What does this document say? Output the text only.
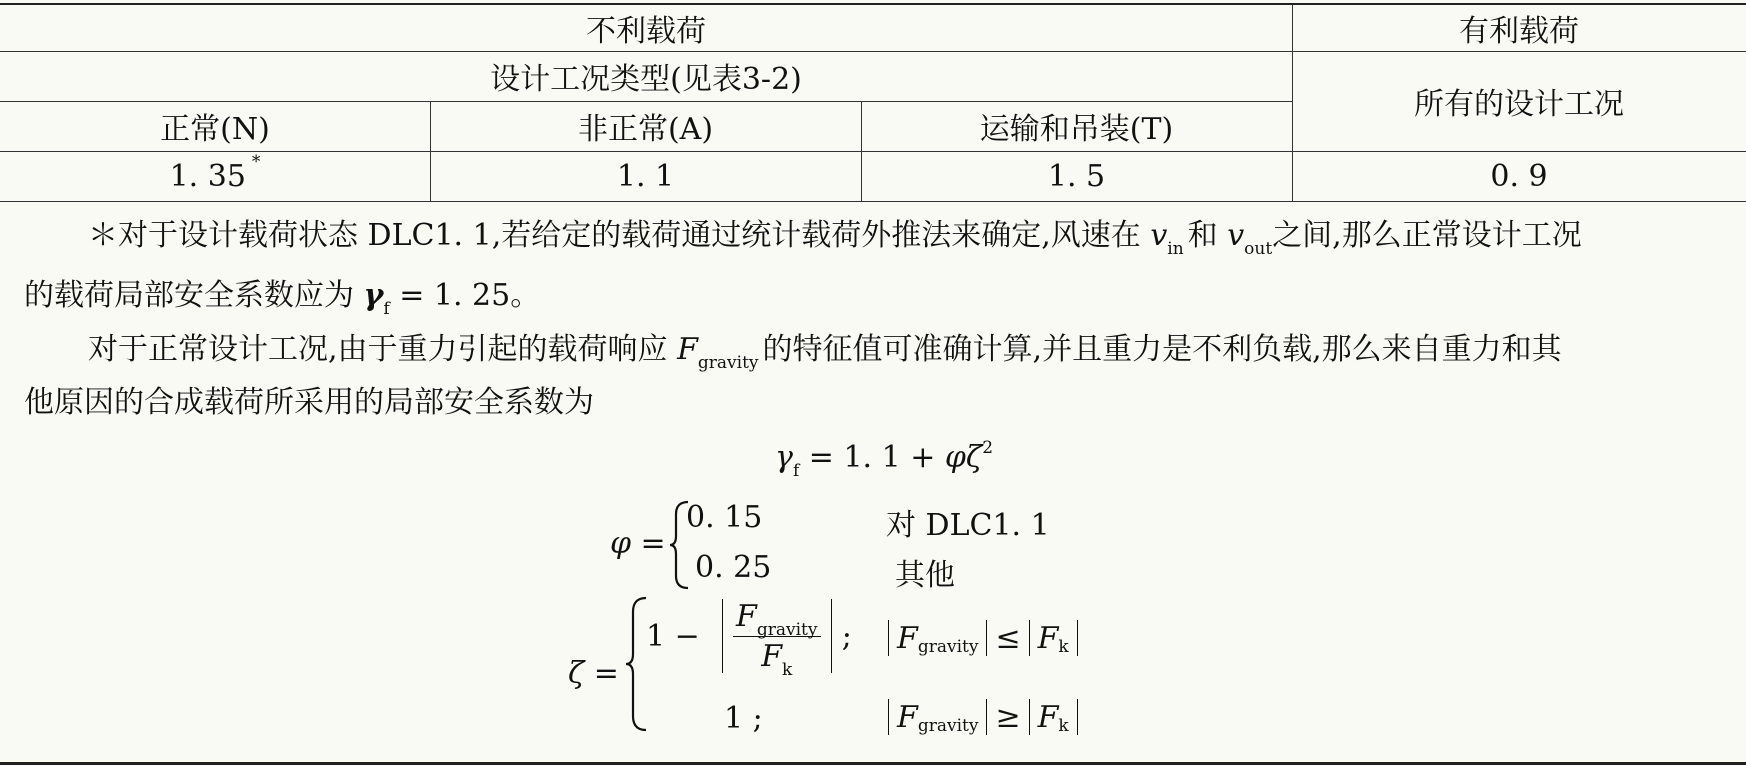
不利载荷	有利载荷
设计工况类型(见表3-2)
所有的设计工况
正常(N)	非正常(A)	运输和吊装(T)
1. 35 *	1. 1	1. 5	0. 9
＊对于设计载荷状态 DLC1. 1,若给定的载荷通过统计载荷外推法来确定,风速在 $v_{in}$ 和 $v_{out}$之间,那么正常设计工况
的载荷局部安全系数应为 $\gamma_f = 1$. 25。
对于正常设计工况,由于重力引起的载荷响应 $F_{gravity}$ 的特征值可准确计算,并且重力是不利负载,那么来自重力和其
他原因的合成载荷所采用的局部安全系数为
$\gamma_f = 1$. $1 + \varphi\zeta^2$
φ =
0. 15	对 DLC1. 1
0. 25	其他
ζ =
$1 - \frac{F_{gravity}}{F_k}$ ; F gravity ≤ F k
1 ;	F gravity ≥ F k
